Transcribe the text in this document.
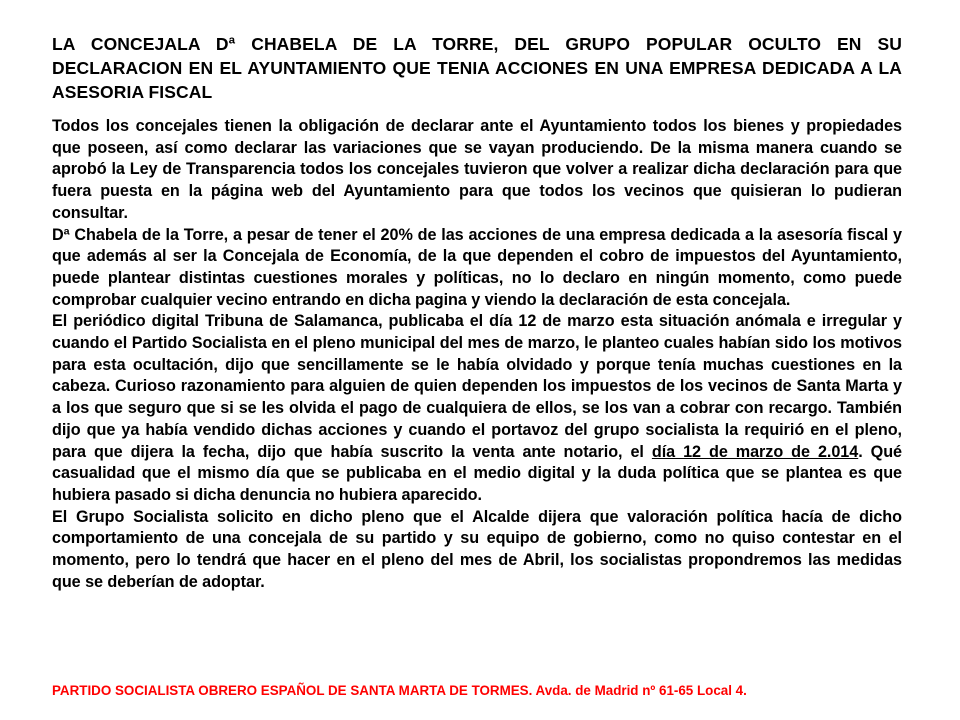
LA CONCEJALA Dª CHABELA DE LA TORRE, DEL GRUPO POPULAR OCULTO EN SU DECLARACION EN EL AYUNTAMIENTO QUE TENIA ACCIONES EN UNA EMPRESA DEDICADA A LA ASESORIA FISCAL

Todos los concejales tienen la obligación de declarar ante el Ayuntamiento todos los bienes y propiedades que poseen, así como declarar las variaciones que se vayan produciendo. De la misma manera cuando se aprobó la Ley de Transparencia todos los concejales tuvieron que volver a realizar dicha declaración para que fuera puesta en la página web del Ayuntamiento para que todos los vecinos que quisieran lo pudieran consultar.

Dª Chabela de la Torre, a pesar de tener el 20% de las acciones de una empresa dedicada a la asesoría fiscal y que además al ser la Concejala de Economía, de la que dependen el cobro de impuestos del Ayuntamiento, puede plantear distintas cuestiones morales y políticas, no lo declaro en ningún momento, como puede comprobar cualquier vecino entrando en dicha pagina y viendo la declaración de esta concejala.

El periódico digital Tribuna de Salamanca, publicaba el día 12 de marzo esta situación anómala e irregular y cuando el Partido Socialista en el pleno municipal del mes de marzo, le planteo cuales habían sido los motivos para esta ocultación, dijo que sencillamente se le había olvidado y porque tenía muchas cuestiones en la cabeza. Curioso razonamiento para alguien de quien dependen los impuestos de los vecinos de Santa Marta y a los que seguro que si se les olvida el pago de cualquiera de ellos, se los van a cobrar con recargo. También dijo que ya había vendido dichas acciones y cuando el portavoz del grupo socialista la requirió en el pleno, para que dijera la fecha, dijo que había suscrito la venta ante notario, el día 12 de marzo de 2.014. Qué casualidad que el mismo día que se publicaba en el medio digital y la duda política que se plantea es que hubiera pasado si dicha denuncia no hubiera aparecido.

El Grupo Socialista solicito en dicho pleno que el Alcalde dijera que valoración política hacía de dicho comportamiento de una concejala de su partido y su equipo de gobierno, como no quiso contestar en el momento, pero lo tendrá que hacer en el pleno del mes de Abril, los socialistas propondremos las medidas que se deberían de adoptar.

PARTIDO SOCIALISTA OBRERO ESPAÑOL DE SANTA MARTA DE TORMES. Avda. de Madrid nº 61-65 Local 4.
